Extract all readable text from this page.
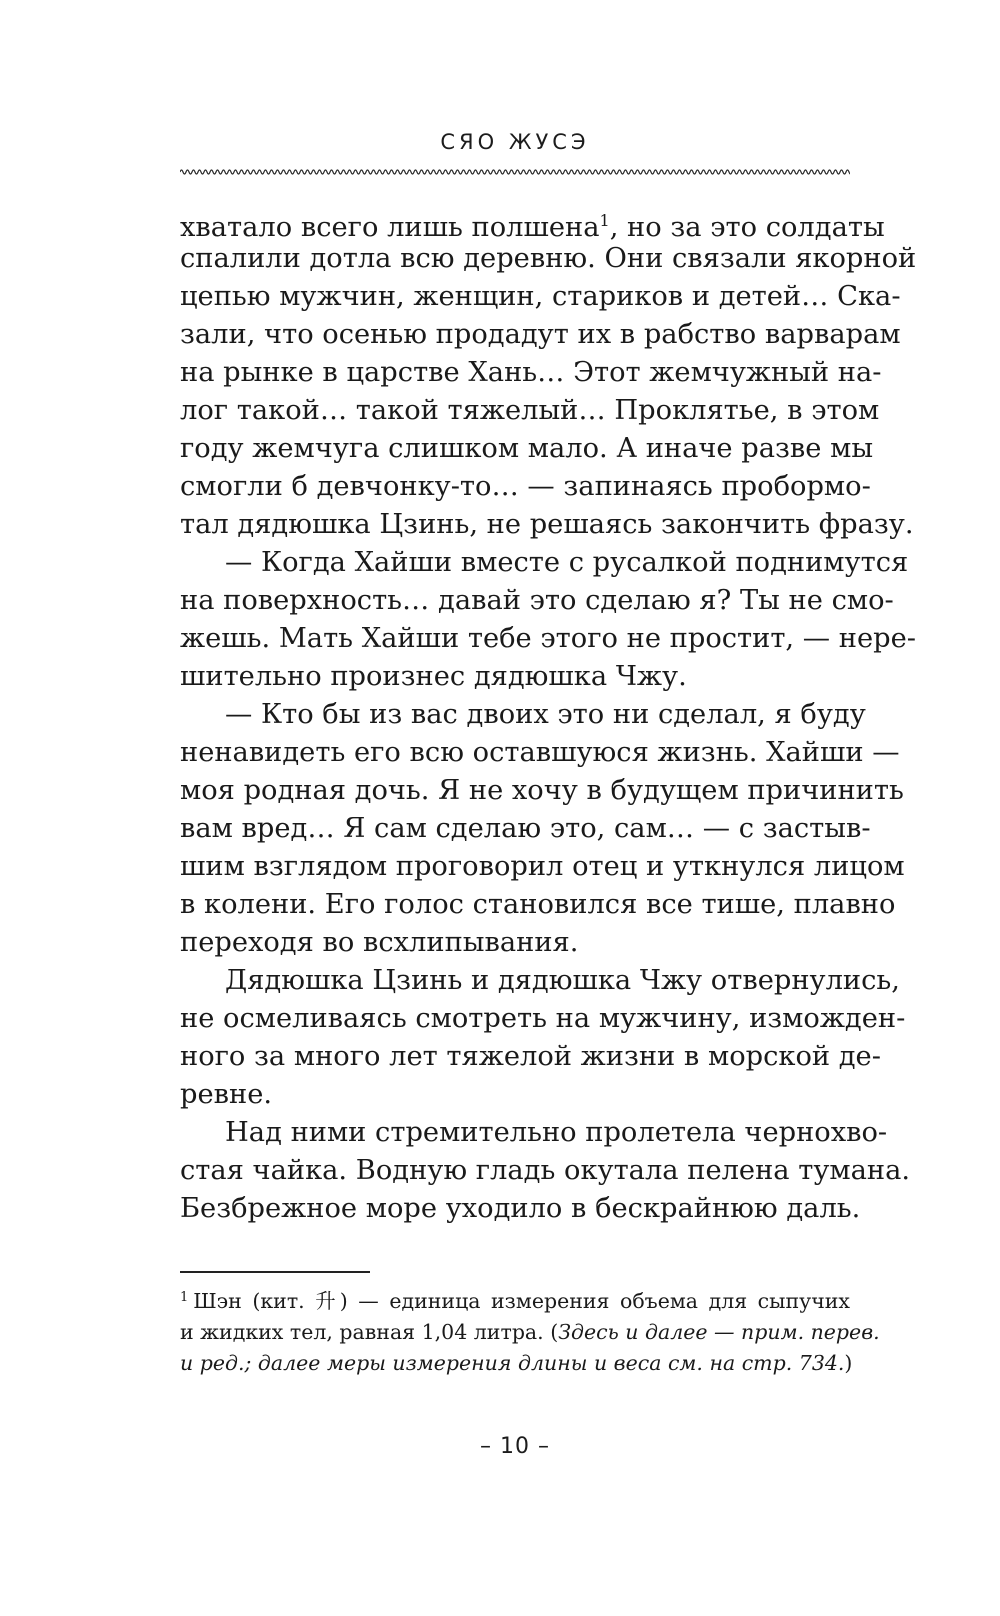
СЯО ЖУСЭ
хватало всего лишь полшена$^1$, но за это солдаты
спалили дотла всю деревню. Они связали якорной
цепью мужчин, женщин, стариков и детей… Ска-
зали, что осенью продадут их в рабство варварам
на рынке в царстве Хань… Этот жемчужный на-
лог такой… такой тяжелый… Проклятье, в этом
году жемчуга слишком мало. А иначе разве мы
смогли б девчонку-то… — запинаясь пробормо-
тал дядюшка Цзинь, не решаясь закончить фразу.
— Когда Хайши вместе с русалкой поднимутся
на поверхность… давай это сделаю я? Ты не смо-
жешь. Мать Хайши тебе этого не простит, — нере-
шительно произнес дядюшка Чжу.
— Кто бы из вас двоих это ни сделал, я буду
ненавидеть его всю оставшуюся жизнь. Хайши —
моя родная дочь. Я не хочу в будущем причинить
вам вред… Я сам сделаю это, сам… — с застыв-
шим взглядом проговорил отец и уткнулся лицом
в колени. Его голос становился все тише, плавно
переходя во всхлипывания.
Дядюшка Цзинь и дядюшка Чжу отвернулись,
не осмеливаясь смотреть на мужчину, изможден-
ного за много лет тяжелой жизни в морской де-
ревне.
Над ними стремительно пролетела чернохво-
стая чайка. Водную гладь окутала пелена тумана.
Безбрежное море уходило в бескрайнюю даль.
$^1$ Шэн (кит. 升) — единица измерения объема для сыпучих
и жидких тел, равная 1,04 литра. (Здесь и далее — прим. перев.
и ред.; далее меры измерения длины и веса см. на стр. 734.)
– 10 –
